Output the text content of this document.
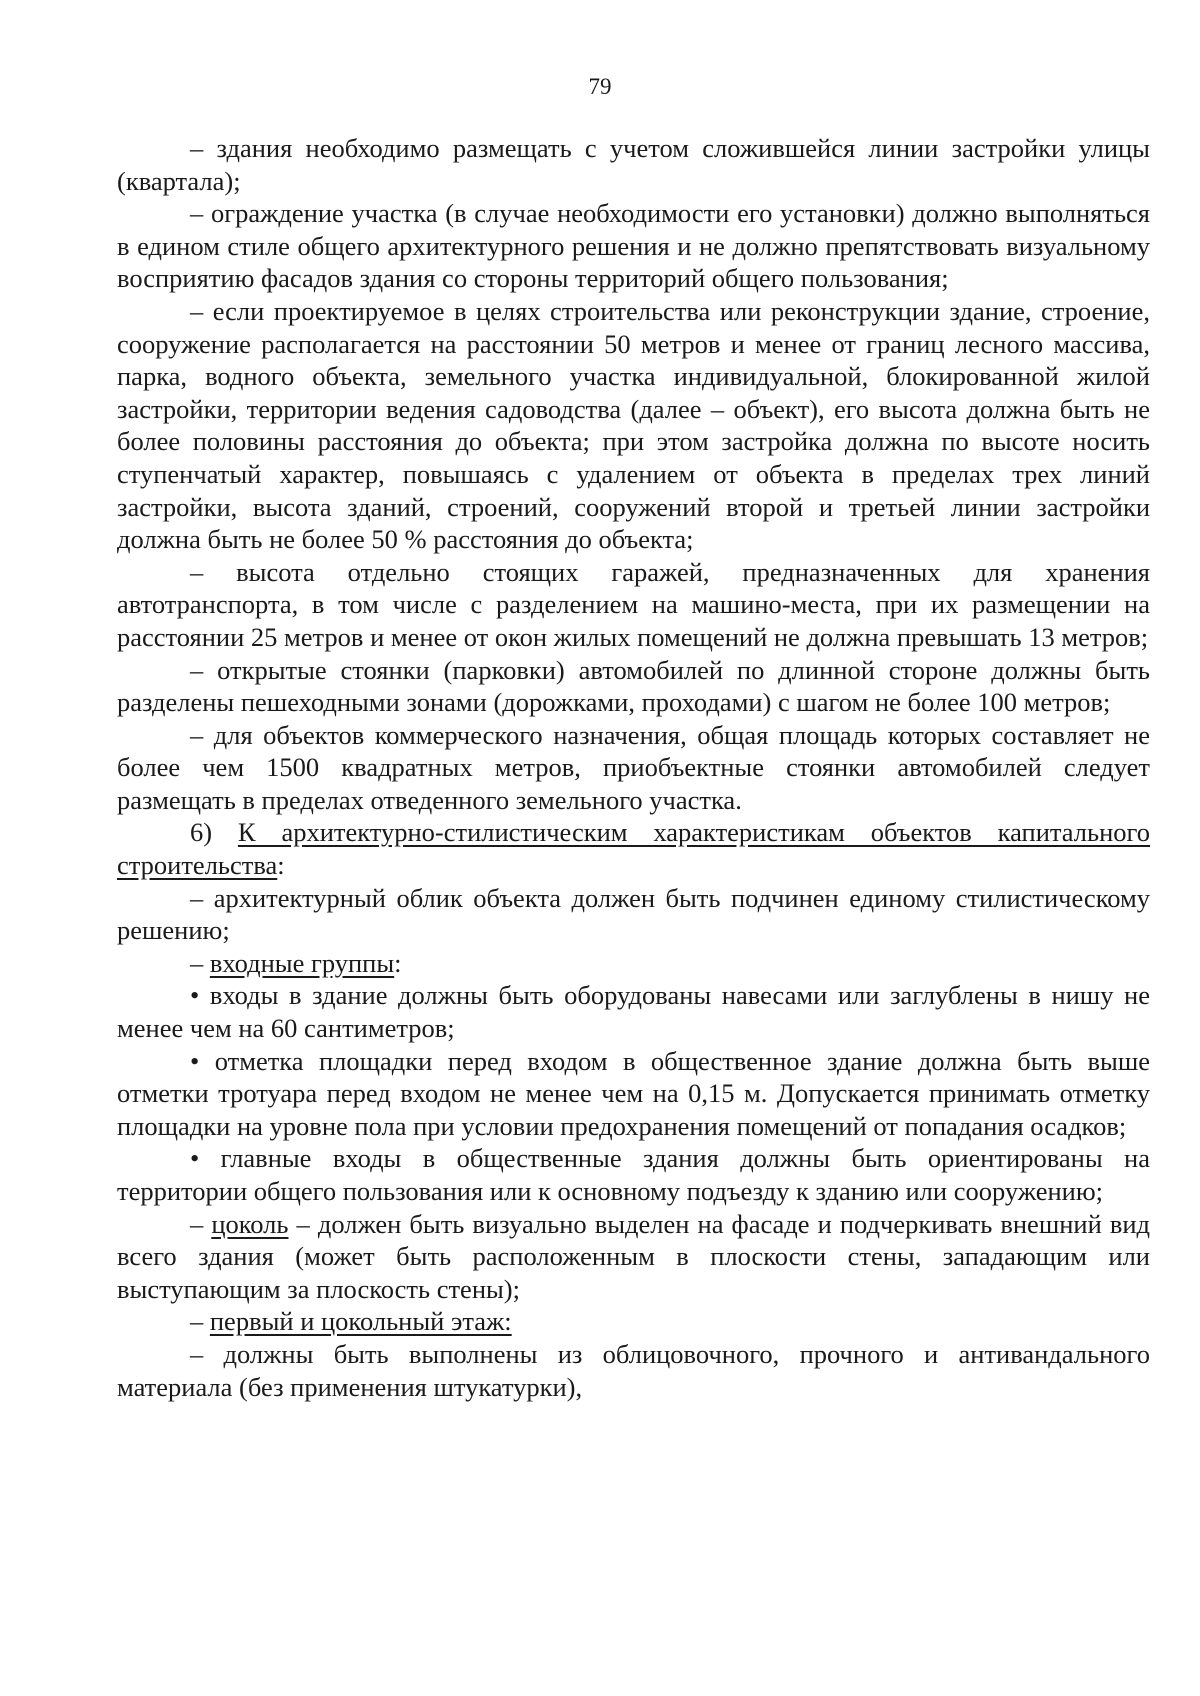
79

– здания необходимо размещать с учетом сложившейся линии застройки улицы (квартала);

– ограждение участка (в случае необходимости его установки) должно выполняться в едином стиле общего архитектурного решения и не должно препятствовать визуальному восприятию фасадов здания со стороны территорий общего пользования;

– если проектируемое в целях строительства или реконструкции здание, строение, сооружение располагается на расстоянии 50 метров и менее от границ лесного массива, парка, водного объекта, земельного участка индивидуальной, блокированной жилой застройки, территории ведения садоводства (далее – объект), его высота должна быть не более половины расстояния до объекта; при этом застройка должна по высоте носить ступенчатый характер, повышаясь с удалением от объекта в пределах трех линий застройки, высота зданий, строений, сооружений второй и третьей линии застройки должна быть не более 50 % расстояния до объекта;

– высота отдельно стоящих гаражей, предназначенных для хранения автотранспорта, в том числе с разделением на машино-места, при их размещении на расстоянии 25 метров и менее от окон жилых помещений не должна превышать 13 метров;

– открытые стоянки (парковки) автомобилей по длинной стороне должны быть разделены пешеходными зонами (дорожками, проходами) с шагом не более 100 метров;

– для объектов коммерческого назначения, общая площадь которых составляет не более чем 1500 квадратных метров, приобъектные стоянки автомобилей следует размещать в пределах отведенного земельного участка.

6) К архитектурно-стилистическим характеристикам объектов капитального строительства:

– архитектурный облик объекта должен быть подчинен единому стилистическому решению;

– входные группы:

• входы в здание должны быть оборудованы навесами или заглублены в нишу не менее чем на 60 сантиметров;

• отметка площадки перед входом в общественное здание должна быть выше отметки тротуара перед входом не менее чем на 0,15 м. Допускается принимать отметку площадки на уровне пола при условии предохранения помещений от попадания осадков;

• главные входы в общественные здания должны быть ориентированы на территории общего пользования или к основному подъезду к зданию или сооружению;

– цоколь – должен быть визуально выделен на фасаде и подчеркивать внешний вид всего здания (может быть расположенным в плоскости стены, западающим или выступающим за плоскость стены);

– первый и цокольный этаж:

– должны быть выполнены из облицовочного, прочного и антивандального материала (без применения штукатурки),
